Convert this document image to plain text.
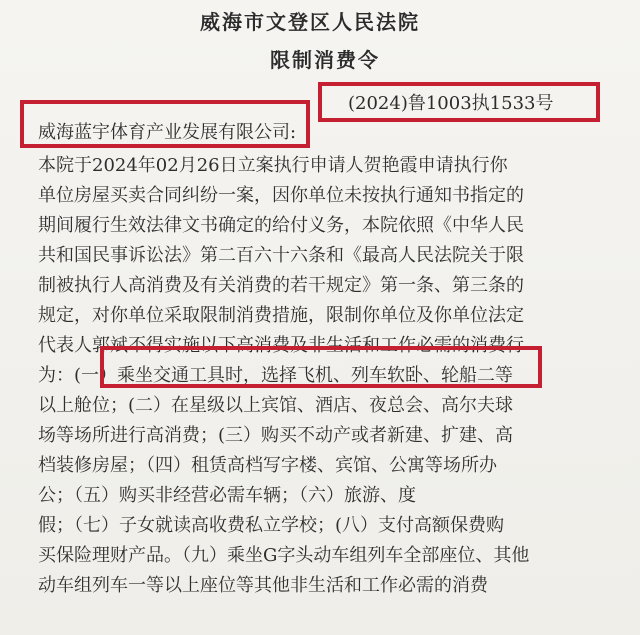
威海市文登区人民法院
限制消费令
(2024)鲁1003执1533号
威海蓝宇体育产业发展有限公司:
本院于2024年02月26日立案执行申请人贺艳霞申请执行你
单位房屋买卖合同纠纷一案，因你单位未按执行通知书指定的
期间履行生效法律文书确定的给付义务，本院依照《中华人民
共和国民事诉讼法》第二百六十六条和《最高人民法院关于限
制被执行人高消费及有关消费的若干规定》第一条、第三条的
规定，对你单位采取限制消费措施，限制你单位及你单位法定
代表人郭斌不得实施以下高消费及非生活和工作必需的消费行
为：(一）乘坐交通工具时，选择飞机、列车软卧、轮船二等
以上舱位；(二）在星级以上宾馆、酒店、夜总会、高尔夫球
场等场所进行高消费；(三）购买不动产或者新建、扩建、高
档装修房屋；（四）租赁高档写字楼、宾馆、公寓等场所办
公；（五）购买非经营必需车辆；（六）旅游、度
假；（七）子女就读高收费私立学校；(八）支付高额保费购
买保险理财产品。（九）乘坐G字头动车组列车全部座位、其他
动车组列车一等以上座位等其他非生活和工作必需的消费
